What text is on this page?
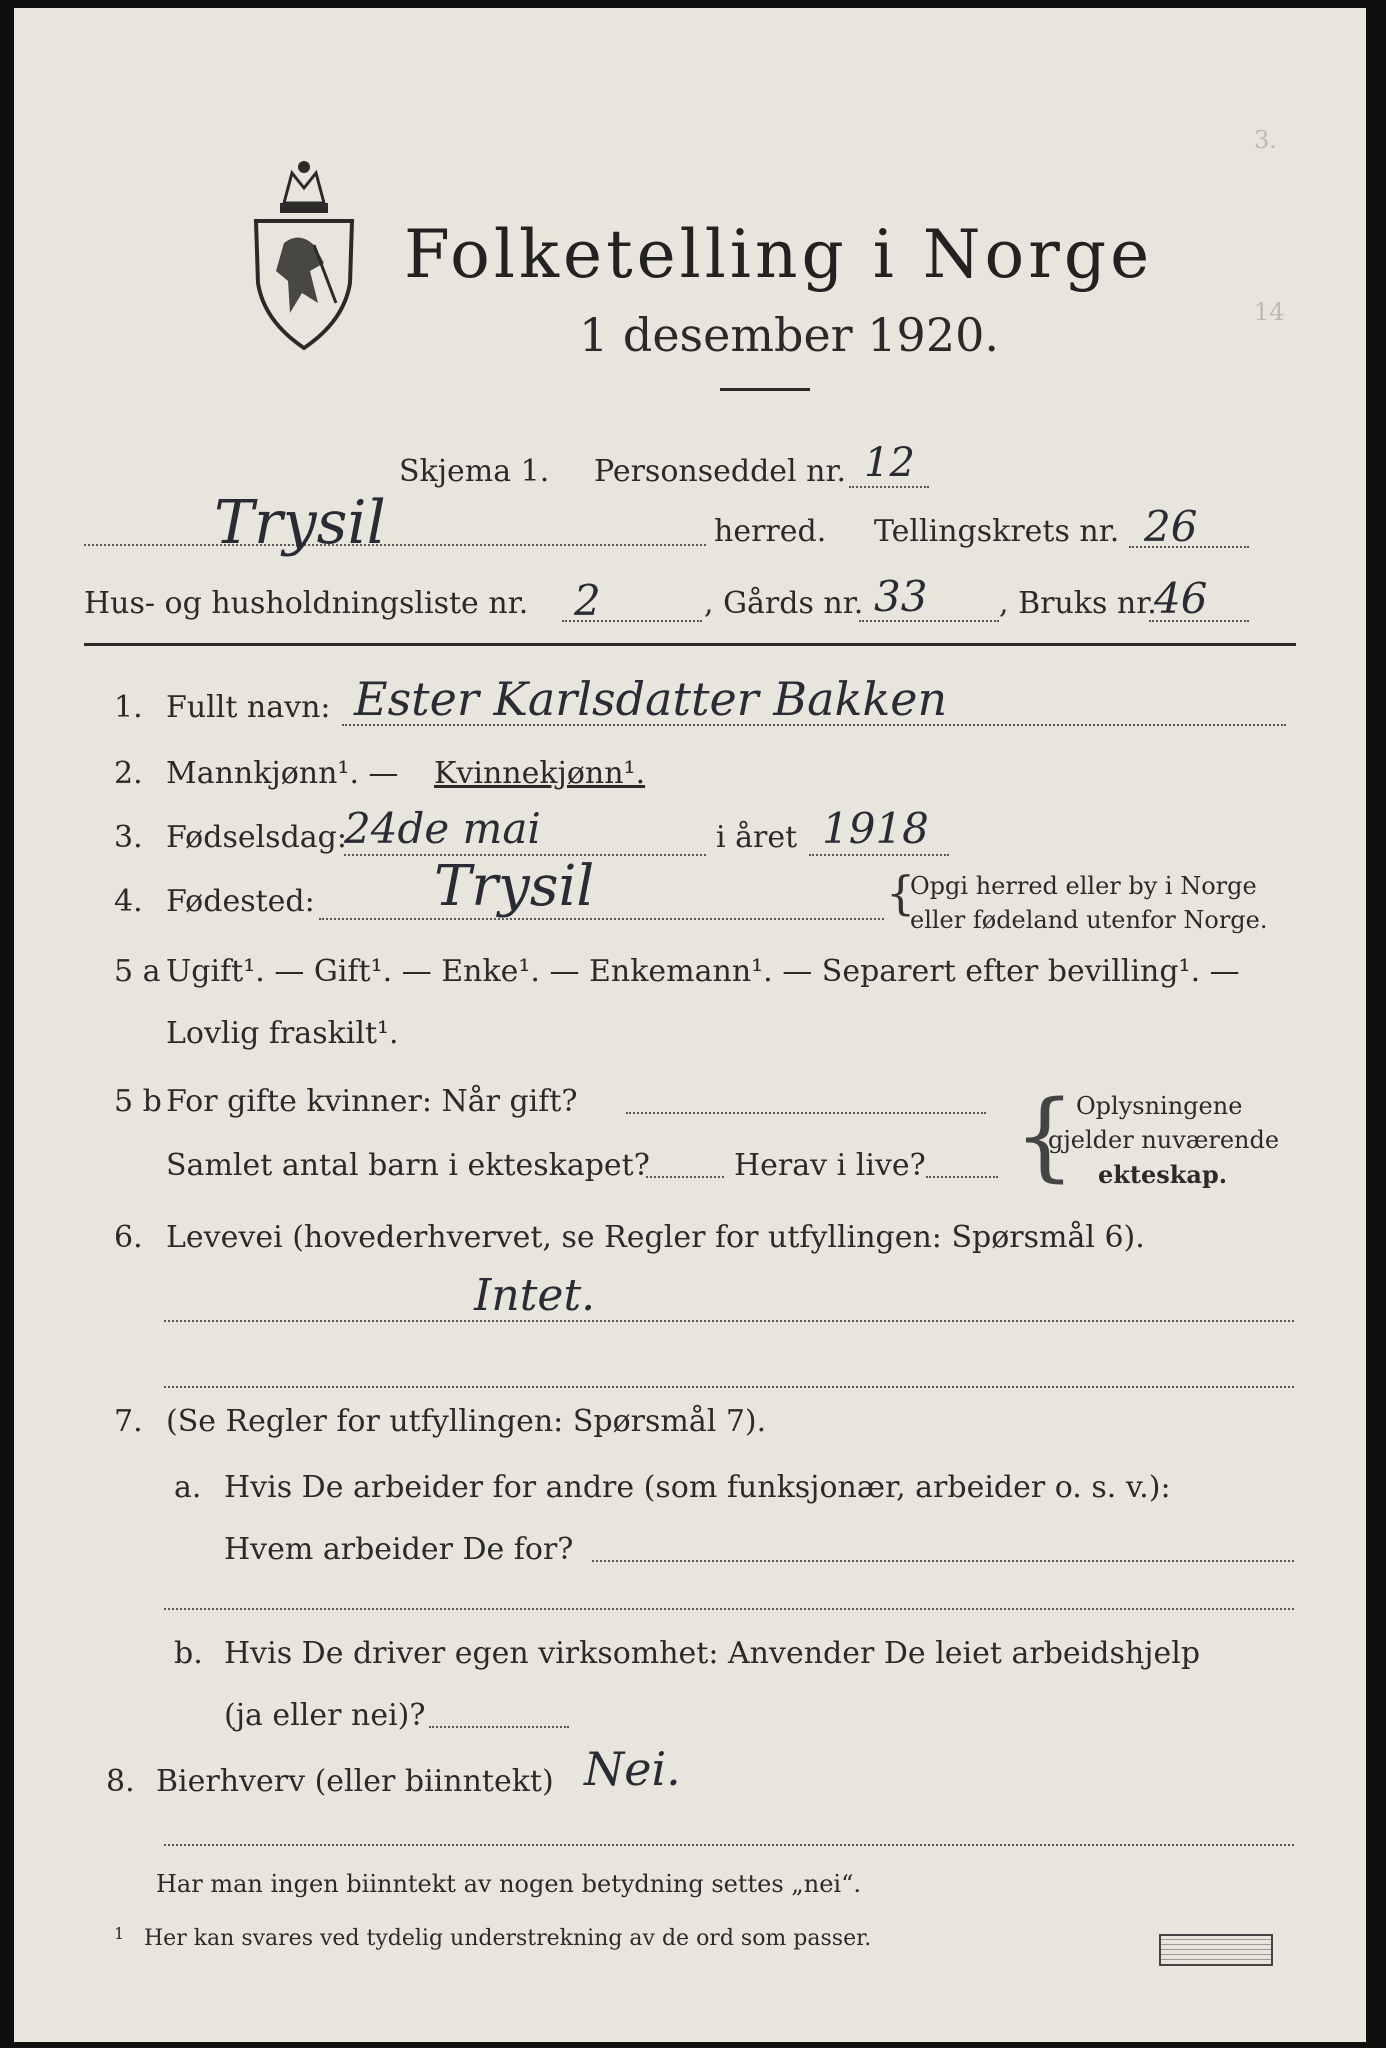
3.
14
Folketelling i Norge
1 desember 1920.
Skjema 1. Personseddel nr. 12
Trysil	herred. Tellingskrets nr. 26
Hus- og husholdningsliste nr. 2	, Gårds nr. 33 , Bruks nr.
46
1. Fullt navn: Ester Karlsdatter Bakken
2. Mannkjønn¹. — Kvinnekjønn¹.
3. Fødselsdag:
24de mai	i året 1918
4. Fødested: Trysil	{
Opgi herred eller by i Norge
eller fødeland utenfor Norge.
5 a Ugift¹. — Gift¹. — Enke¹. — Enkemann¹. — Separert efter bevilling¹. —
Lovlig fraskilt¹.
5 b For gifte kvinner: Når gift?
Samlet antal barn i ekteskapet?	Herav i live? { Oplysningene
gjelder nuværende
ekteskap.
6. Levevei (hovederhvervet, se Regler for utfyllingen: Spørsmål 6).
Intet.
7. (Se Regler for utfyllingen: Spørsmål 7).
a. Hvis De arbeider for andre (som funksjonær, arbeider o. s. v.):
Hvem arbeider De for?
b. Hvis De driver egen virksomhet: Anvender De leiet arbeidshjelp
(ja eller nei)?
8. Bierhverv (eller biinntekt) Nei.
Har man ingen biinntekt av nogen betydning settes „nei“.
1 Her kan svares ved tydelig understrekning av de ord som passer.
